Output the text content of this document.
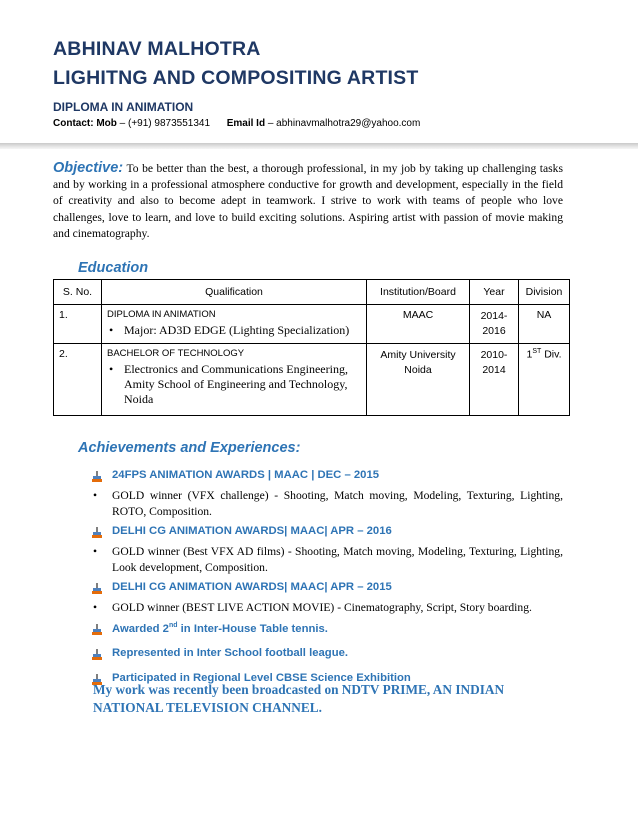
ABHINAV MALHOTRA
LIGHITNG AND COMPOSITING ARTIST
DIPLOMA IN ANIMATION
Contact: Mob – (+91) 9873551341 Email Id – abhinavmalhotra29@yahoo.com
Objective: To be better than the best, a thorough professional, in my job by taking up challenging tasks and by working in a professional atmosphere conductive for growth and development, especially in the field of creativity and also to become adept in teamwork. I strive to work with teams of people who love challenges, love to learn, and love to build exciting solutions. Aspiring artist with passion of movie making and cinematography.
Education
S. No.	Qualification	Institution/Board	Year	Division
1.	DIPLOMA IN ANIMATION
• Major: AD3D EDGE (Lighting Specialization)	MAAC	2014-2016	NA
2.	BACHELOR OF TECHNOLOGY
• Electronics and Communications Engineering, Amity School of Engineering and Technology, Noida	Amity University Noida	2010-2014	1ST Div.
Achievements and Experiences:
24FPS ANIMATION AWARDS | MAAC | DEC – 2015
• GOLD winner (VFX challenge) - Shooting, Match moving, Modeling, Texturing, Lighting, ROTO, Composition.
DELHI CG ANIMATION AWARDS| MAAC| APR – 2016
• GOLD winner (Best VFX AD films) - Shooting, Match moving, Modeling, Texturing, Lighting, Look development, Composition.
DELHI CG ANIMATION AWARDS| MAAC| APR – 2015
• GOLD winner (BEST LIVE ACTION MOVIE) - Cinematography, Script, Story boarding.
Awarded 2nd in Inter-House Table tennis.
Represented in Inter School football league.
Participated in Regional Level CBSE Science Exhibition
My work was recently been broadcasted on NDTV PRIME, AN INDIAN NATIONAL TELEVISION CHANNEL.
